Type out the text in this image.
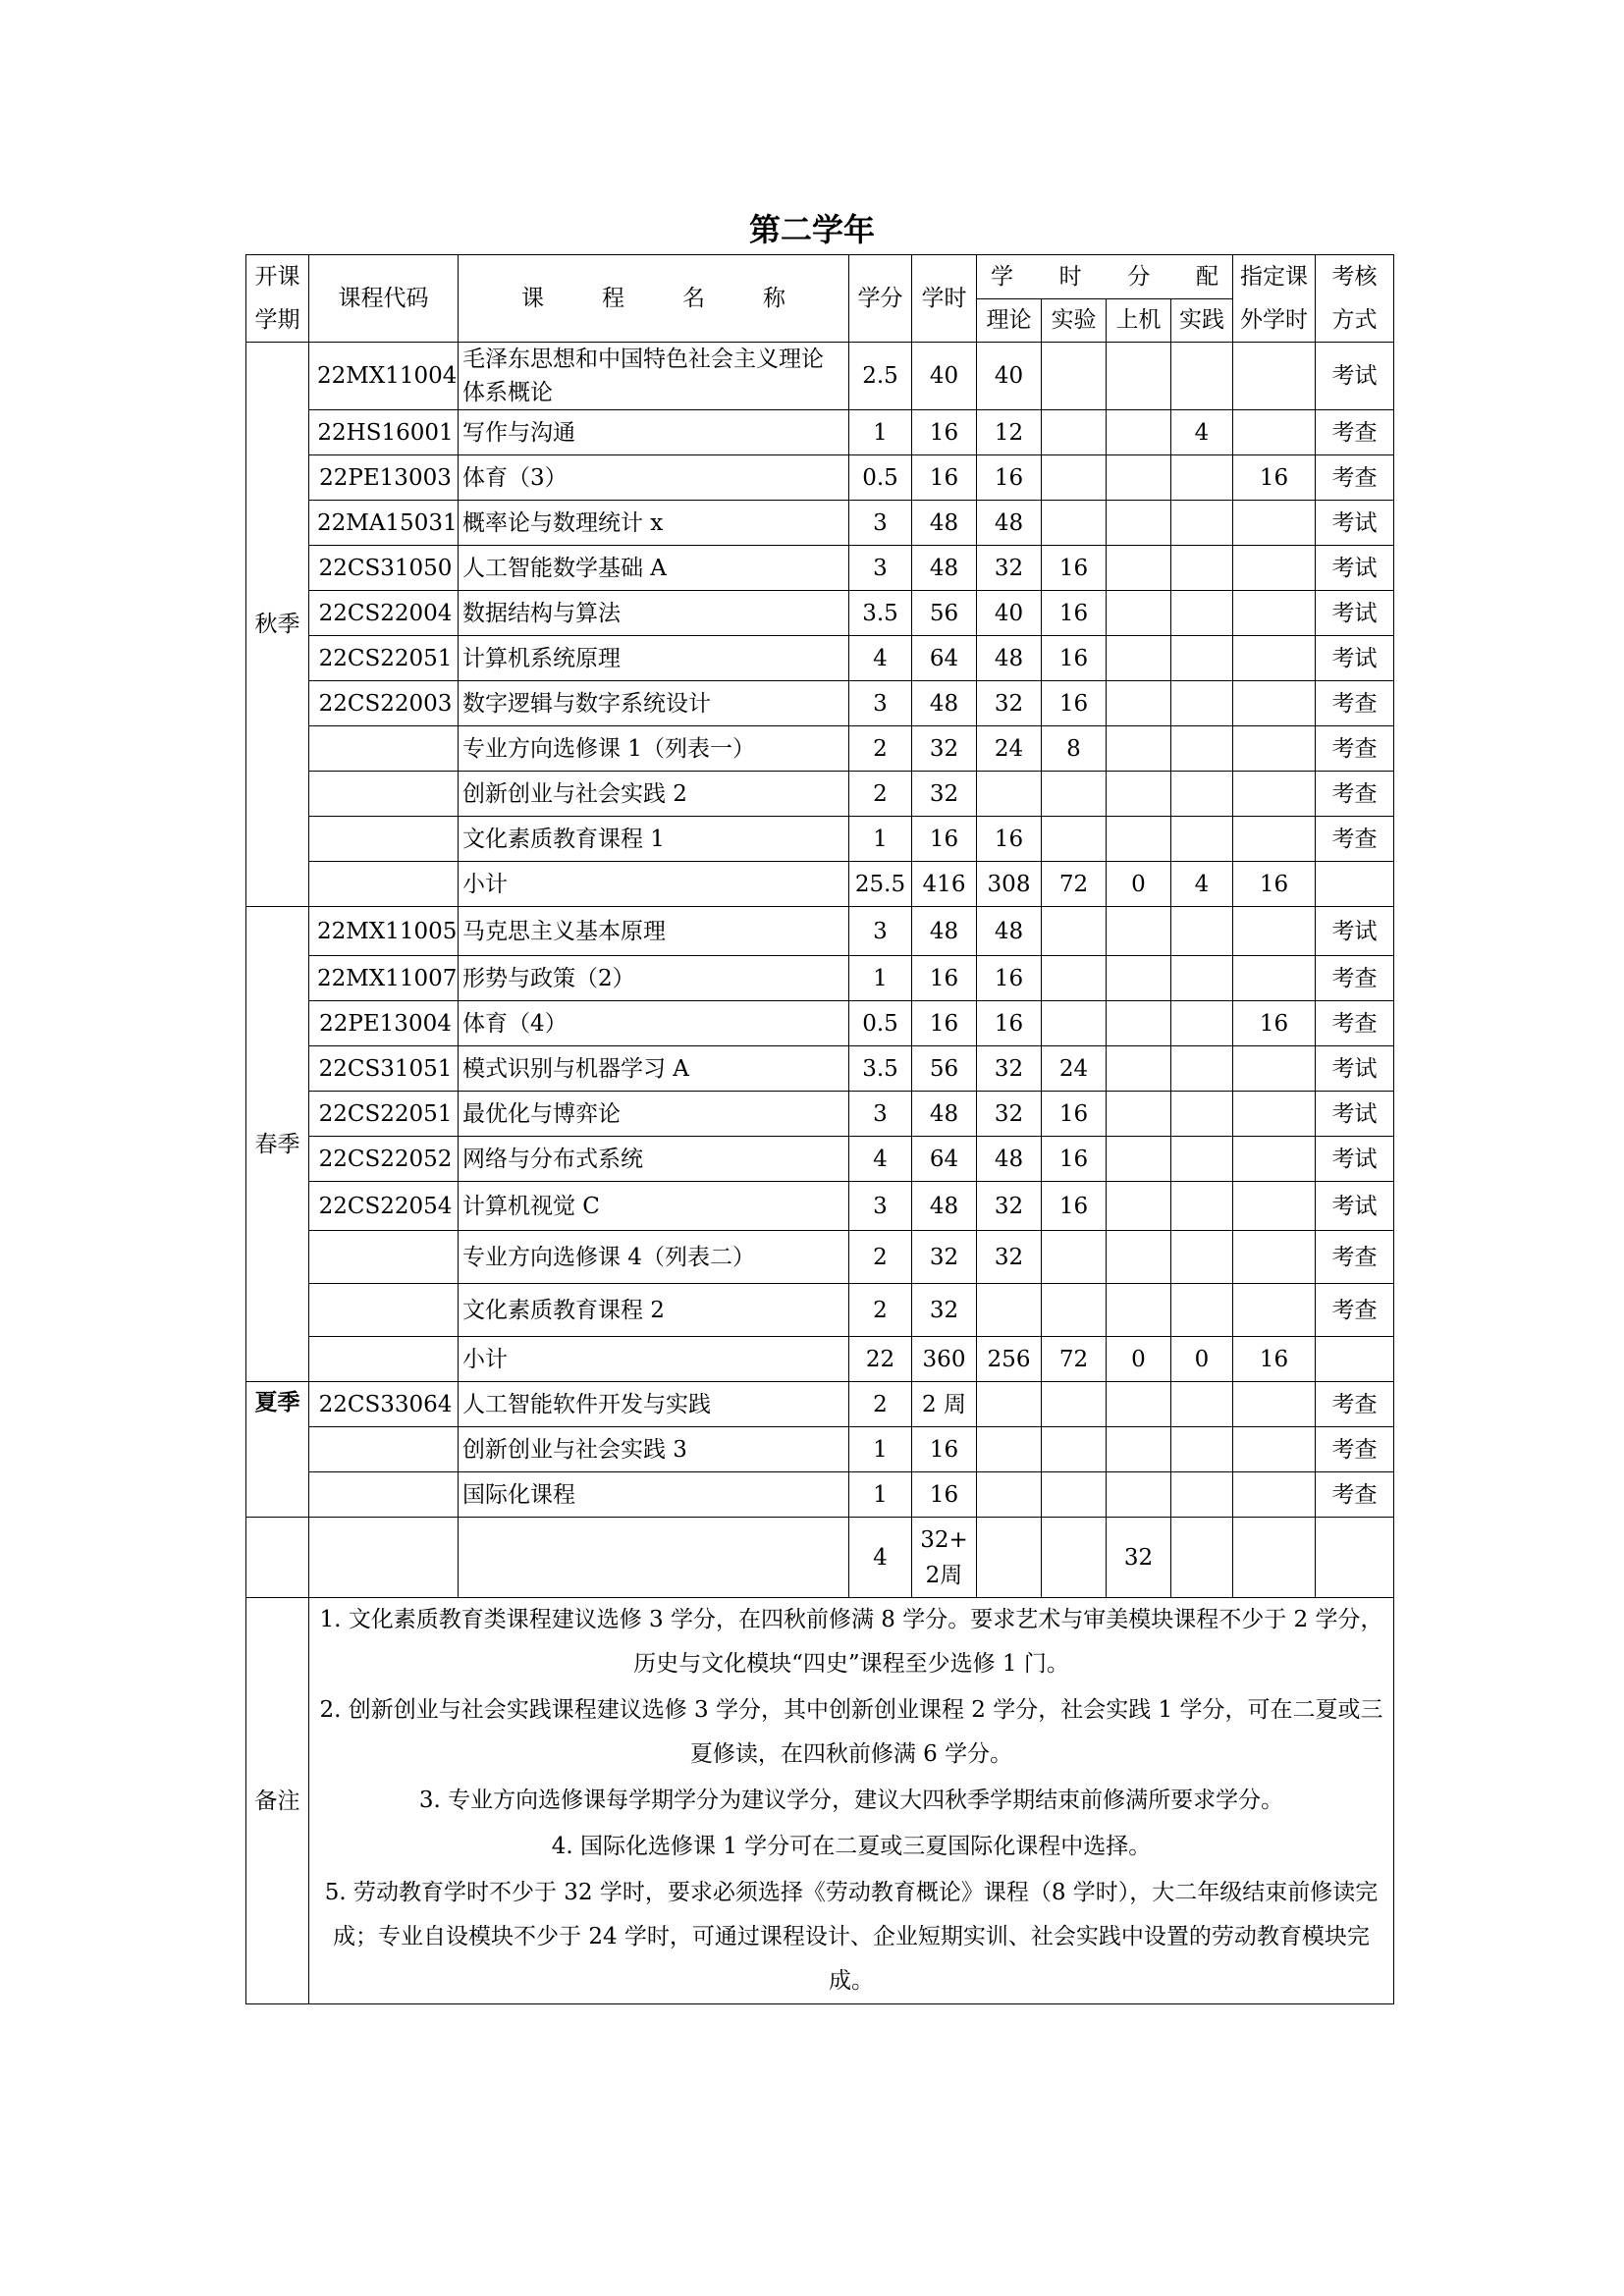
第二学年
开课学期	课程代码	课 程 名 称	学分	学时	学 时 分 配				指定课外学时	考核方式
					理论	实验	上机	实践		
秋季	22MX11004	毛泽东思想和中国特色社会主义理论体系概论	2.5	40	40					考试
	22HS16001	写作与沟通	1	16	12			4		考查
	22PE13003	体育（3）	0.5	16	16				16	考查
	22MA15031	概率论与数理统计 x	3	48	48					考试
	22CS31050	人工智能数学基础 A	3	48	32	16				考试
	22CS22004	数据结构与算法	3.5	56	40	16				考试
	22CS22051	计算机系统原理	4	64	48	16				考试
	22CS22003	数字逻辑与数字系统设计	3	48	32	16				考查
		专业方向选修课 1（列表一）	2	32	24	8				考查
		创新创业与社会实践 2	2	32						考查
		文化素质教育课程 1	1	16	16					考查
		小计	25.5	416	308	72	0	4	16	
春季	22MX11005	马克思主义基本原理	3	48	48					考试
	22MX11007	形势与政策（2）	1	16	16					考查
	22PE13004	体育（4）	0.5	16	16				16	考查
	22CS31051	模式识别与机器学习 A	3.5	56	32	24				考试
	22CS22051	最优化与博弈论	3	48	32	16				考试
	22CS22052	网络与分布式系统	4	64	48	16				考试
	22CS22054	计算机视觉 C	3	48	32	16				考试
		专业方向选修课 4（列表二）	2	32	32					考查
		文化素质教育课程 2	2	32						考查
		小计	22	360	256	72	0	0	16	
夏季	22CS33064	人工智能软件开发与实践	2	2 周						考查
		创新创业与社会实践 3	1	16						考查
		国际化课程	1	16						考查
			4	32+2周			32			
备注	1. 文化素质教育类课程建议选修 3 学分，在四秋前修满 8 学分。要求艺术与审美模块课程不少于 2 学分，历史与文化模块“四史”课程至少选修 1 门。
2. 创新创业与社会实践课程建议选修 3 学分，其中创新创业课程 2 学分，社会实践 1 学分，可在二夏或三夏修读，在四秋前修满 6 学分。
3. 专业方向选修课每学期学分为建议学分，建议大四秋季学期结束前修满所要求学分。
4. 国际化选修课 1 学分可在二夏或三夏国际化课程中选择。
5. 劳动教育学时不少于 32 学时，要求必须选择《劳动教育概论》课程（8 学时），大二年级结束前修读完成；专业自设模块不少于 24 学时，可通过课程设计、企业短期实训、社会实践中设置的劳动教育模块完成。									
